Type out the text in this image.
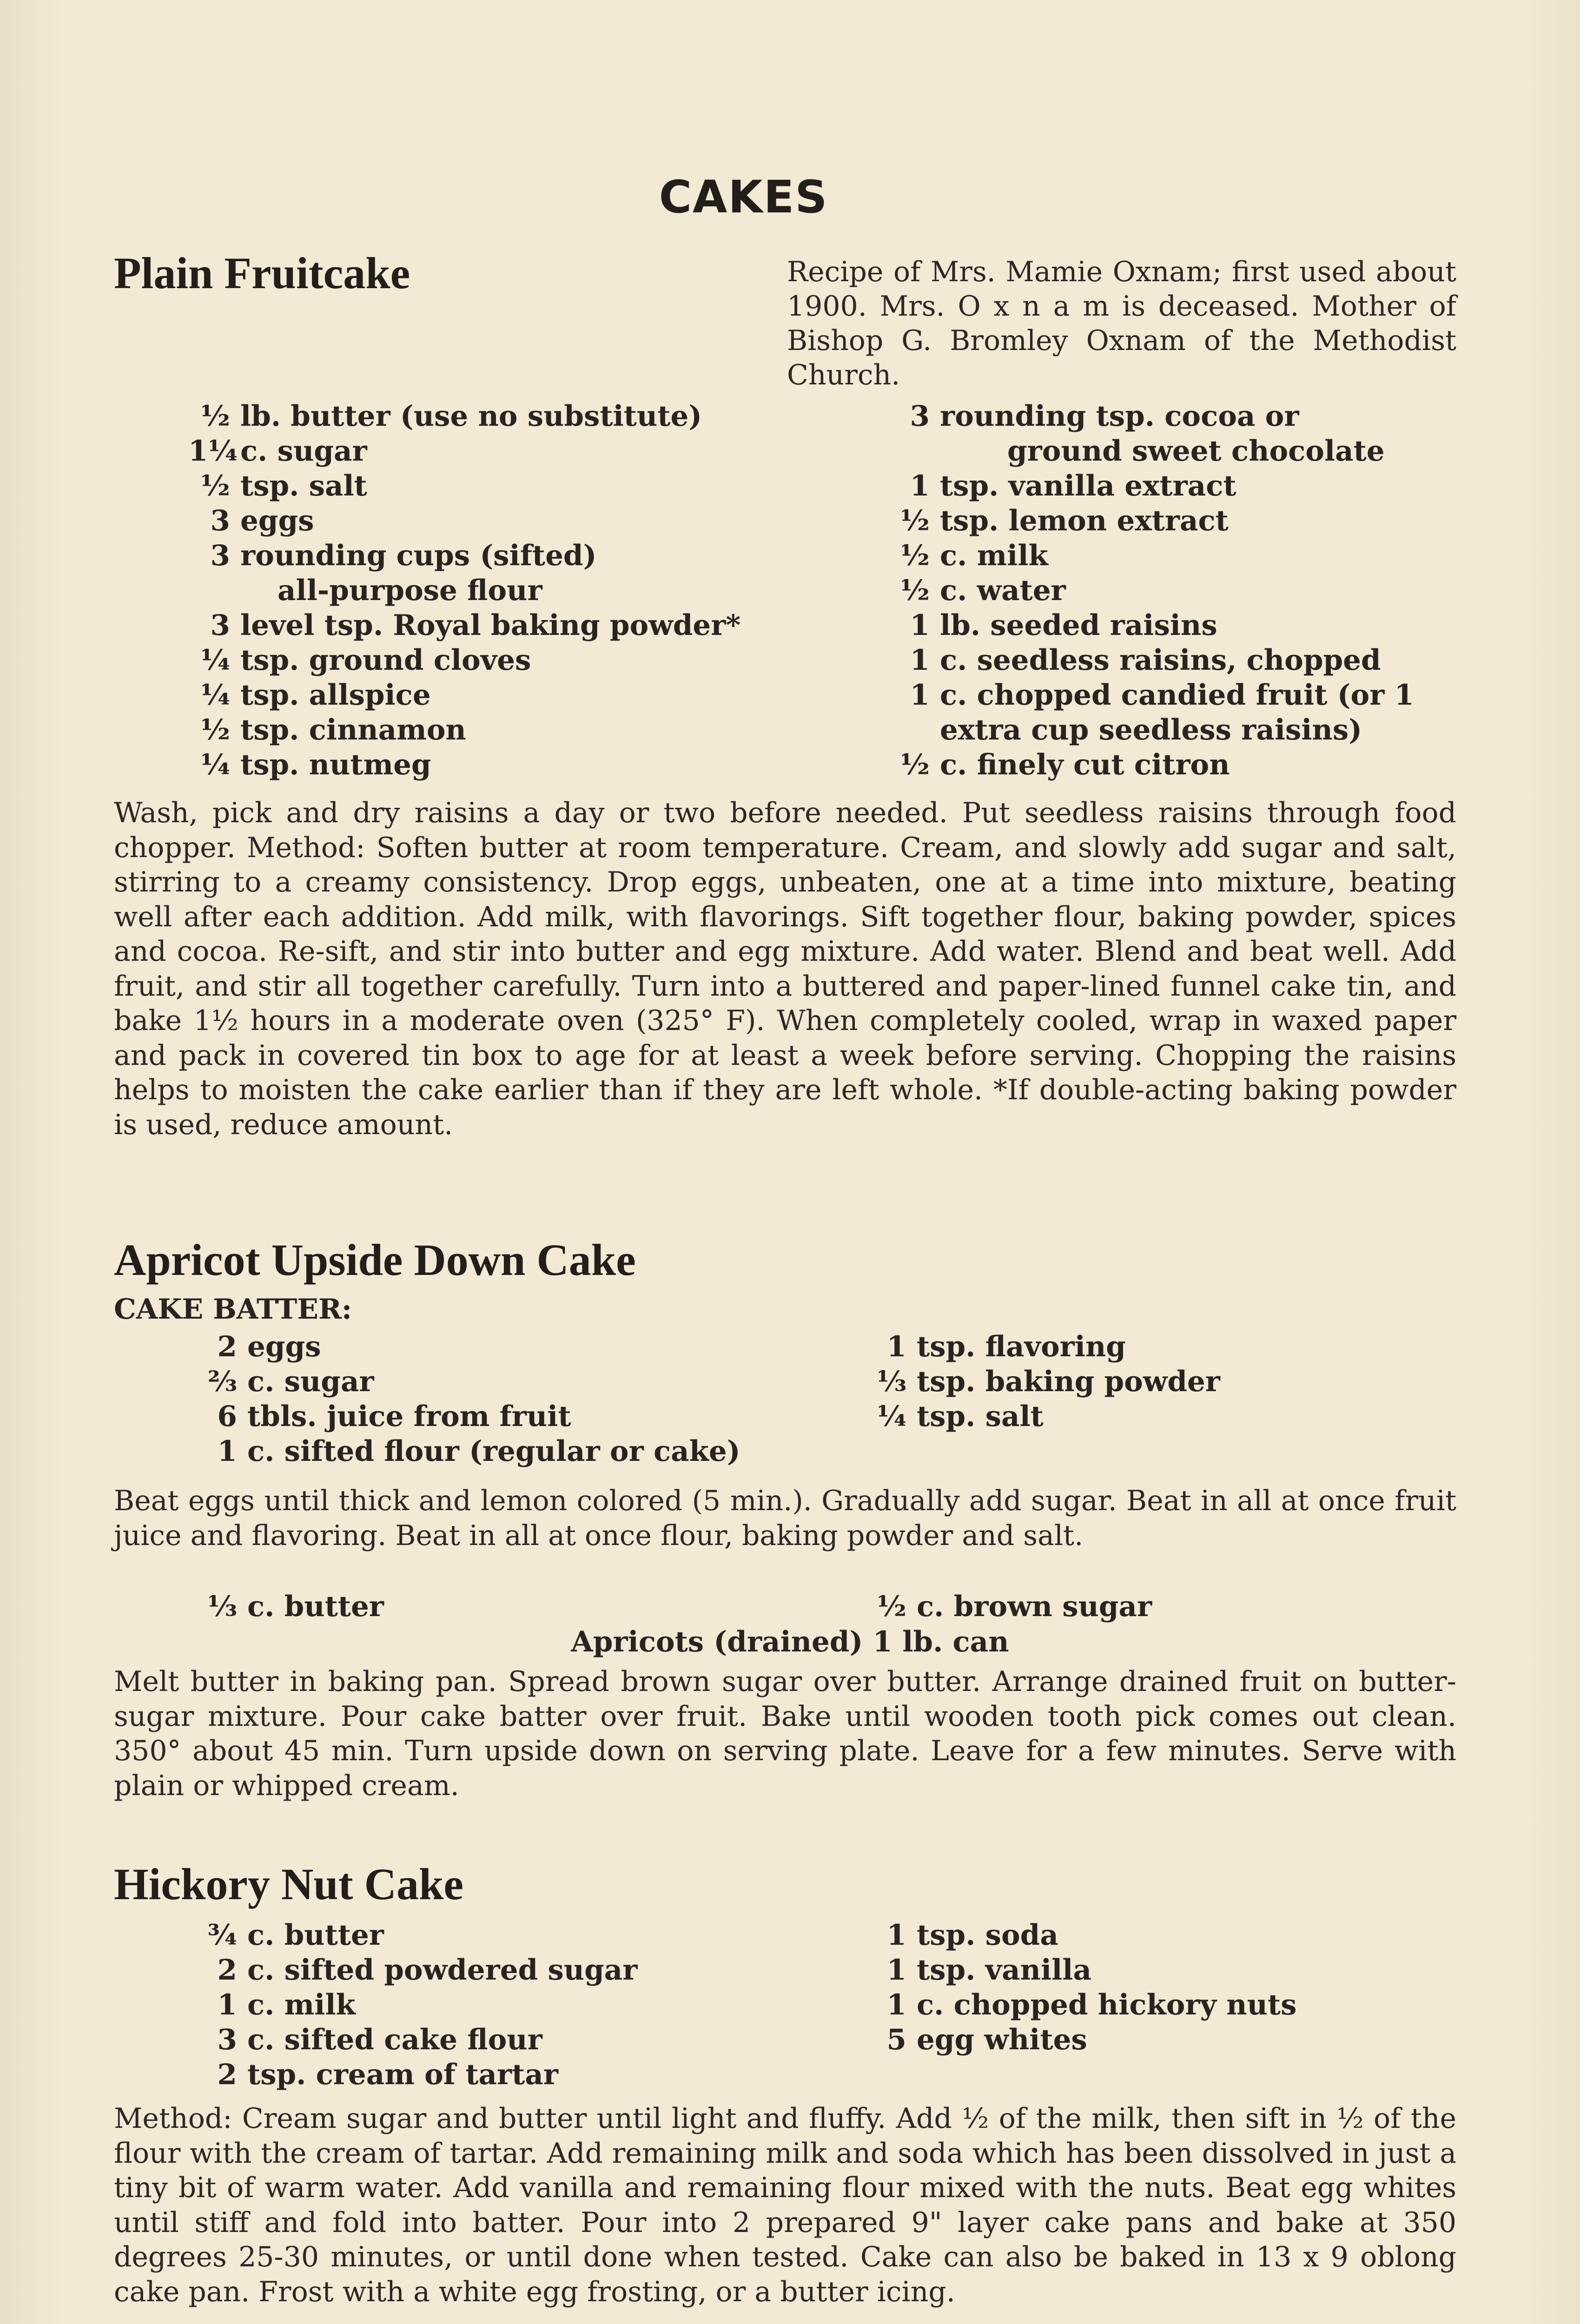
CAKES
Plain Fruitcake	Recipe of Mrs. Mamie Oxnam; first used about 1900. Mrs. O x n a m is deceased. Mother of Bishop G. Bromley Oxnam of the Methodist Church.
½ lb. butter (use no substitute)
1¼ c. sugar
½ tsp. salt
3 eggs
3 rounding cups (sifted)
all-purpose flour
3 level tsp. Royal baking powder*
¼ tsp. ground cloves
¼ tsp. allspice
½ tsp. cinnamon
¼ tsp. nutmeg
3 rounding tsp. cocoa or
ground sweet chocolate
1 tsp. vanilla extract
½ tsp. lemon extract
½ c. milk
½ c. water
1 lb. seeded raisins
1 c. seedless raisins, chopped
1 c. chopped candied fruit (or 1
extra cup seedless raisins)
½ c. finely cut citron
Wash, pick and dry raisins a day or two before needed. Put seedless raisins through food chopper. Method: Soften butter at room temperature. Cream, and slowly add sugar and salt, stirring to a creamy consistency. Drop eggs, unbeaten, one at a time into mixture, beating well after each addition. Add milk, with flavorings. Sift together flour, baking powder, spices and cocoa. Re-sift, and stir into butter and egg mixture. Add water. Blend and beat well. Add fruit, and stir all together carefully. Turn into a buttered and paper-lined funnel cake tin, and bake 1½ hours in a moderate oven (325° F). When completely cooled, wrap in waxed paper and pack in covered tin box to age for at least a week before serving. Chopping the raisins helps to moisten the cake earlier than if they are left whole. *If double-acting baking powder is used, reduce amount.
Apricot Upside Down Cake
CAKE BATTER:
2 eggs
⅔ c. sugar
6 tbls. juice from fruit
1 c. sifted flour (regular or cake)
1 tsp. flavoring
⅓ tsp. baking powder
¼ tsp. salt
Beat eggs until thick and lemon colored (5 min.). Gradually add sugar. Beat in all at once fruit juice and flavoring. Beat in all at once flour, baking powder and salt.
⅓ c. butter	½ c. brown sugar
Apricots (drained) 1 lb. can
Melt butter in baking pan. Spread brown sugar over butter. Arrange drained fruit on butter-sugar mixture. Pour cake batter over fruit. Bake until wooden tooth pick comes out clean. 350° about 45 min. Turn upside down on serving plate. Leave for a few minutes. Serve with plain or whipped cream.
Hickory Nut Cake
¾ c. butter
2 c. sifted powdered sugar
1 c. milk
3 c. sifted cake flour
2 tsp. cream of tartar
1 tsp. soda
1 tsp. vanilla
1 c. chopped hickory nuts
5 egg whites
Method: Cream sugar and butter until light and fluffy. Add ½ of the milk, then sift in ½ of the flour with the cream of tartar. Add remaining milk and soda which has been dissolved in just a tiny bit of warm water. Add vanilla and remaining flour mixed with the nuts. Beat egg whites until stiff and fold into batter. Pour into 2 prepared 9" layer cake pans and bake at 350 degrees 25-30 minutes, or until done when tested. Cake can also be baked in 13 x 9 oblong cake pan. Frost with a white egg frosting, or a butter icing.
